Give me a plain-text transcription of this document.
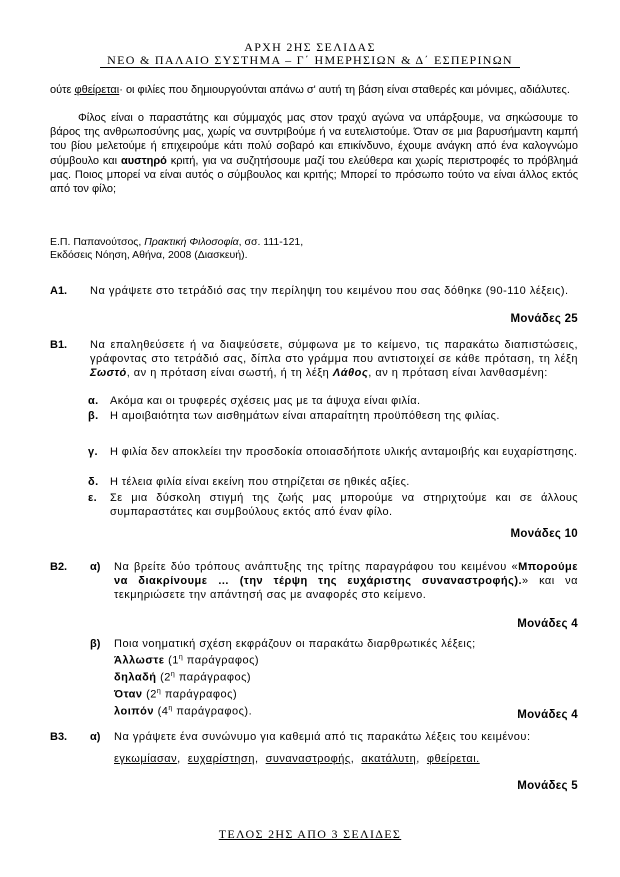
ΑΡΧΗ 2ΗΣ ΣΕΛΙΔΑΣ
ΝΕΟ & ΠΑΛΑΙΟ ΣΥΣΤΗΜΑ – Γ΄ ΗΜΕΡΗΣΙΩΝ & Δ΄ ΕΣΠΕΡΙΝΩΝ

ούτε φθείρεται· οι φιλίες που δημιουργούνται απάνω σ' αυτή τη βάση είναι σταθερές και μόνιμες, αδιάλυτες.

Φίλος είναι ο παραστάτης και σύμμαχός μας στον τραχύ αγώνα να υπάρξουμε, να σηκώσουμε το βάρος της ανθρωποσύνης μας, χωρίς να συντριβούμε ή να ευτελιστούμε. Όταν σε μια βαρυσήμαντη καμπή του βίου μελετούμε ή επιχειρούμε κάτι πολύ σοβαρό και επικίνδυνο, έχουμε ανάγκη από ένα καλογνώμο σύμβουλο και αυστηρό κριτή, για να συζητήσουμε μαζί του ελεύθερα και χωρίς περιστροφές το πρόβλημά μας. Ποιος μπορεί να είναι αυτός ο σύμβουλος και κριτής; Μπορεί το πρόσωπο τούτο να είναι άλλος εκτός από τον φίλο;

Ε.Π. Παπανούτσος, Πρακτική Φιλοσοφία, σσ. 111-121,
Εκδόσεις Νόηση, Αθήνα, 2008 (Διασκευή).

Α1. Να γράψετε στο τετράδιό σας την περίληψη του κειμένου που σας δόθηκε (90-110 λέξεις).
Μονάδες 25
Β1. Να επαληθεύσετε ή να διαψεύσετε, σύμφωνα με το κείμενο, τις παρακάτω διαπιστώσεις, γράφοντας στο τετράδιό σας, δίπλα στο γράμμα που αντιστοιχεί σε κάθε πρόταση, τη λέξη Σωστό, αν η πρόταση είναι σωστή, ή τη λέξη Λάθος, αν η πρόταση είναι λανθασμένη:
α. Ακόμα και οι τρυφερές σχέσεις μας με τα άψυχα είναι φιλία.
β. Η αμοιβαιότητα των αισθημάτων είναι απαραίτητη προϋπόθεση της φιλίας.
γ. Η φιλία δεν αποκλείει την προσδοκία οποιασδήποτε υλικής ανταμοιβής και ευχαρίστησης.
δ. Η τέλεια φιλία είναι εκείνη που στηρίζεται σε ηθικές αξίες.
ε. Σε μια δύσκολη στιγμή της ζωής μας μπορούμε να στηριχτούμε και σε άλλους συμπαραστάτες και συμβούλους εκτός από έναν φίλο.
Μονάδες 10
Β2. α) Να βρείτε δύο τρόπους ανάπτυξης της τρίτης παραγράφου του κειμένου «Μπορούμε να διακρίνουμε … (την τέρψη της ευχάριστης συναναστροφής).» και να τεκμηριώσετε την απάντησή σας με αναφορές στο κείμενο.
Μονάδες 4
β) Ποια νοηματική σχέση εκφράζουν οι παρακάτω διαρθρωτικές λέξεις;
Άλλωστε ($1^\eta$ παράγραφος)
δηλαδή ($2^\eta$ παράγραφος)
Όταν ($2^\eta$ παράγραφος)
λοιπόν ($4^\eta$ παράγραφος).	Μονάδες 4
Β3. α) Να γράψετε ένα συνώνυμο για καθεμιά από τις παρακάτω λέξεις του κειμένου:
εγκωμίασαν,  ευχαρίστηση,  συναναστροφής,  ακατάλυτη,  φθείρεται.
Μονάδες 5
ΤΕΛΟΣ 2ΗΣ ΑΠΟ 3 ΣΕΛΙΔΕΣ
